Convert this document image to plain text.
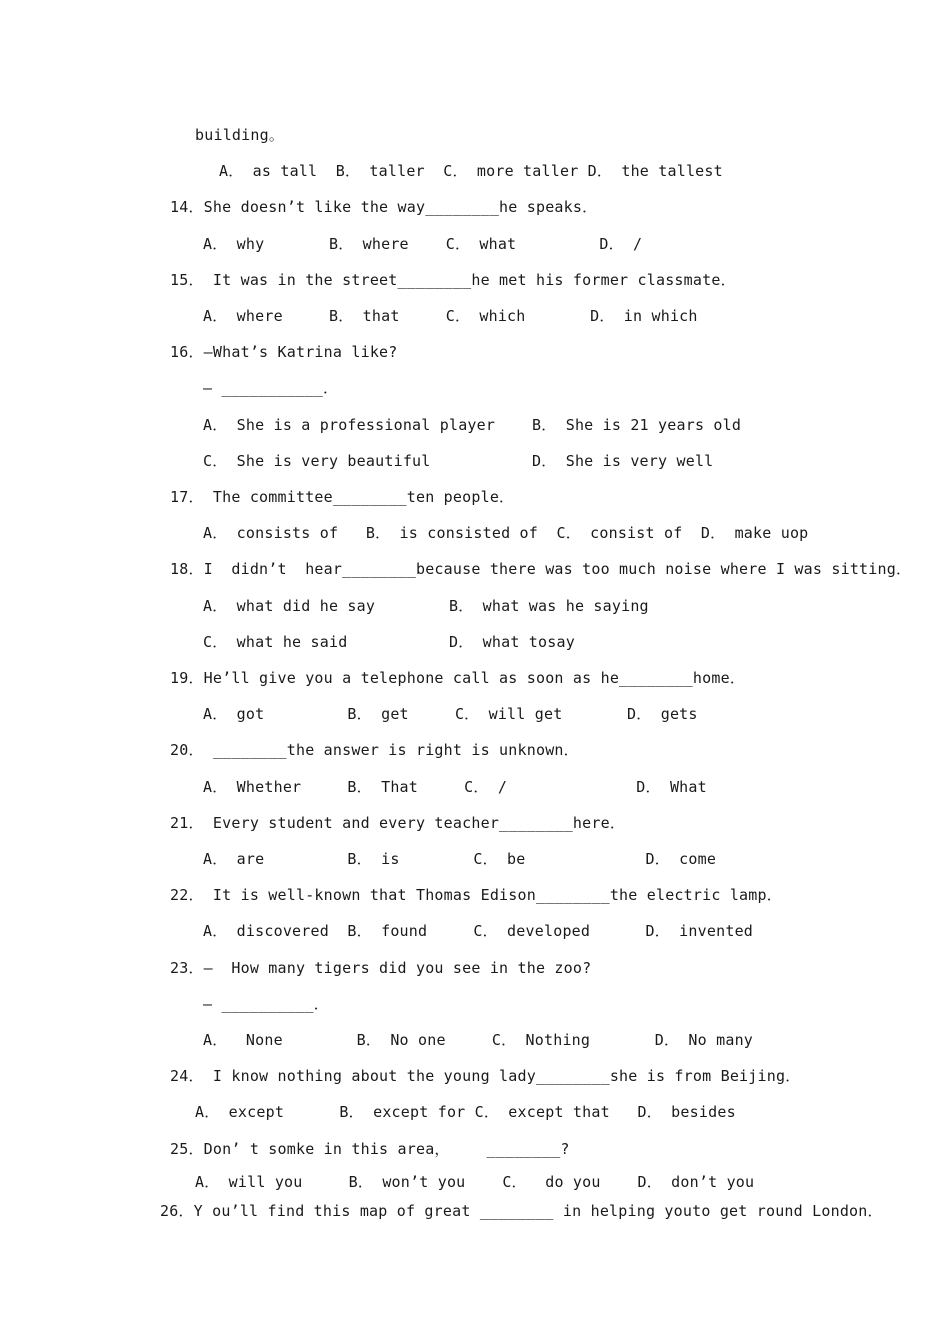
building。
A． as tall  B． taller  C． more taller D． the tallest
14．She doesn’t like the way________he speaks．
A． why       B． where    C． what         D． /
15． It was in the street________he met his former classmate．
A． where     B． that     C． which       D． in which
16．—What’s Katrina like?
— ___________．
A． She is a professional player    B． She is 21 years old
C． She is very beautiful           D． She is very well
17． The committee________ten people．
A． consists of   B． is consisted of  C． consist of  D． make uop
18．I  didn’t  hear________because there was too much noise where I was sitting．
A． what did he say        B． what was he saying
C． what he said           D． what tosay
19．He’ll give you a telephone call as soon as he________home．
A． got         B． get     C． will get       D． gets
20． ________the answer is right is unknown．
A． Whether     B． That     C． /              D． What
21． Every student and every teacher________here．
A． are         B． is        C． be             D． come
22． It is well-known that Thomas Edison________the electric lamp．
A． discovered  B． found     C． developed      D． invented
23．—  How many tigers did you see in the zoo?
— __________．
A．  None        B． No one     C． Nothing       D． No many
24． I know nothing about the young lady________she is from Beijing．
A． except      B． except for C． except that   D． besides
25．Don’ t somke in this area，    ________?
A． will you     B． won’t you    C．  do you    D． don’t you
26．Y ou’ll find this map of great ________ in helping youto get round London．
